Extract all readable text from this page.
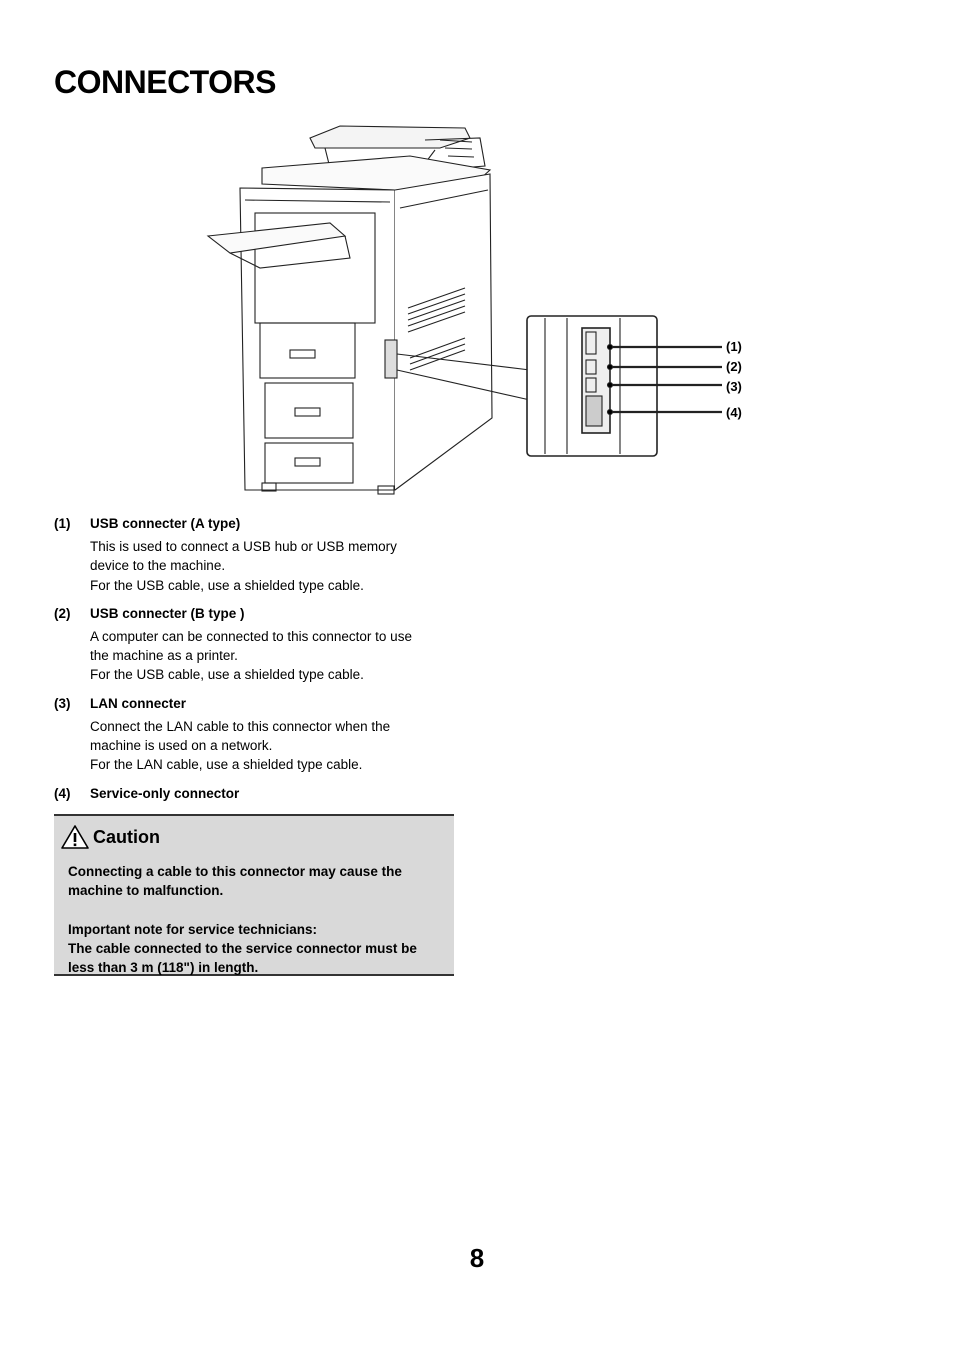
CONNECTORS
(1)
(2)
(3)
(4)
(1)	USB connecter (A type)
This is used to connect a USB hub or USB memory
device to the machine.
For the USB cable, use a shielded type cable.
(2)	USB connecter (B type )
A computer can be connected to this connector to use
the machine as a printer.
For the USB cable, use a shielded type cable.
(3)	LAN connecter
Connect the LAN cable to this connector when the
machine is used on a network.
For the LAN cable, use a shielded type cable.
(4)	Service-only connector
Caution

Connecting a cable to this connector may cause the
machine to malfunction.

Important note for service technicians:
The cable connected to the service connector must be
less than 3 m (118") in length.

8
